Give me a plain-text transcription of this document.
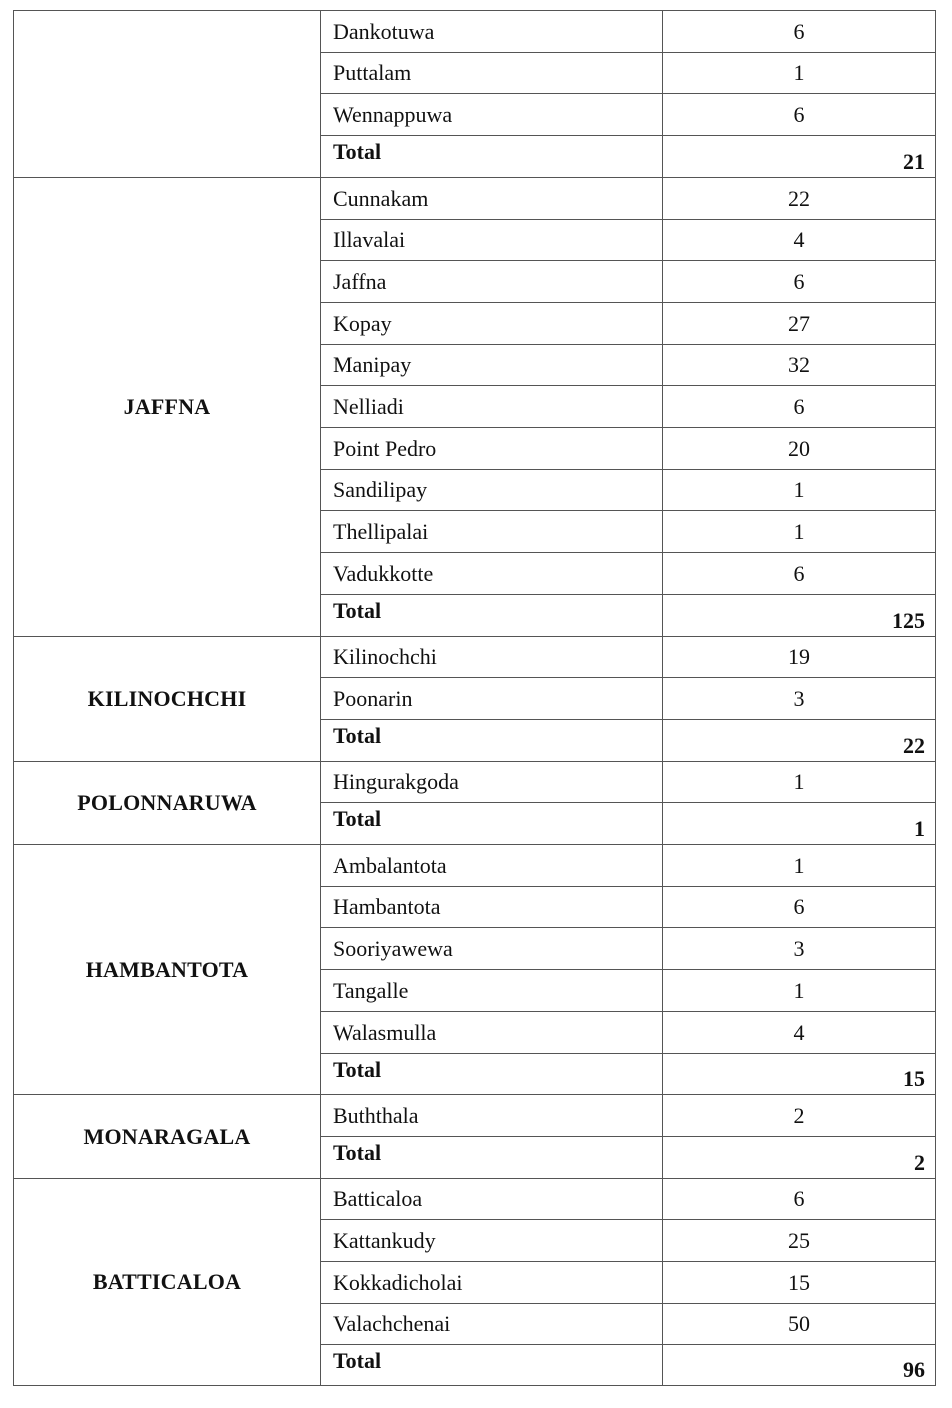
Dankotuwa	6
Puttalam	1
Wennappuwa	6
Total	21
JAFFNA
Cunnakam	22
Illavalai	4
Jaffna	6
Kopay	27
Manipay	32
Nelliadi	6
Point Pedro	20
Sandilipay	1
Thellipalai	1
Vadukkotte	6
Total	125
KILINOCHCHI
Kilinochchi	19
Poonarin	3
Total	22
POLONNARUWA
Hingurakgoda	1
Total	1
HAMBANTOTA
Ambalantota	1
Hambantota	6
Sooriyawewa	3
Tangalle	1
Walasmulla	4
Total	15
MONARAGALA
Buththala	2
Total	2
BATTICALOA
Batticaloa	6
Kattankudy	25
Kokkadicholai	15
Valachchenai	50
Total	96
